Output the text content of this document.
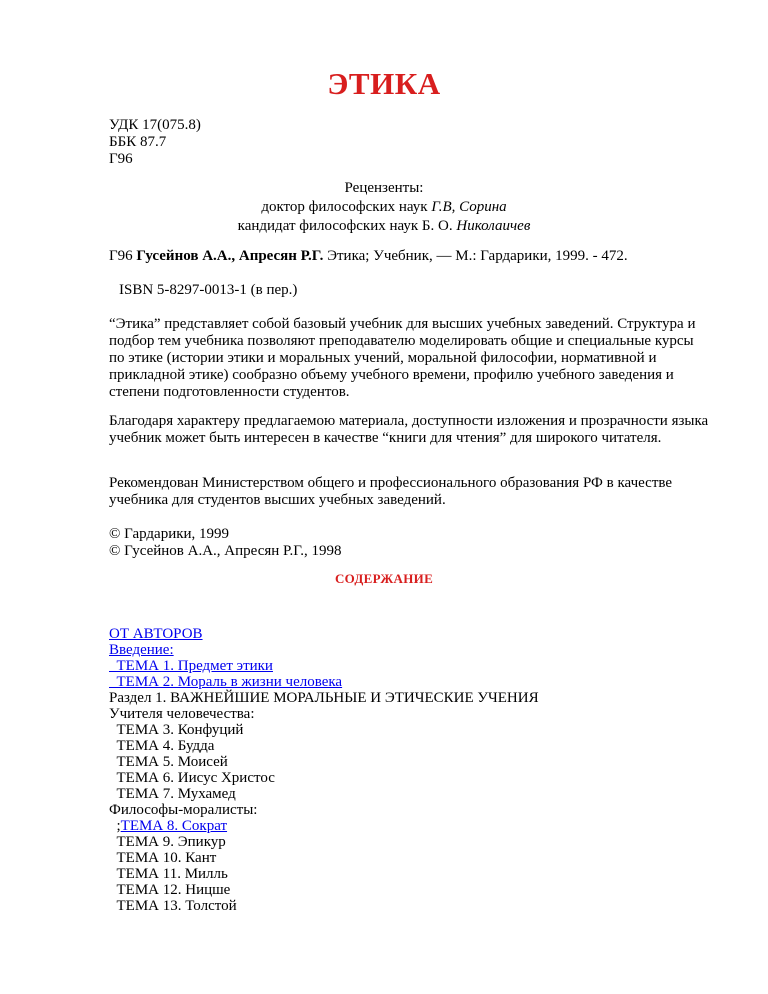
ЭТИКА
УДК 17(075.8)
ББК 87.7
Г96
Рецензенты:
доктор философских наук Г.В, Сорина
кандидат философских наук Б. О. Николаичев
Г96 Гусейнов А.А., Апресян Р.Г. Этика; Учебник, — М.: Гардарики, 1999. - 472.
ISBN 5-8297-0013-1 (в пер.)
“Этика” представляет собой базовый учебник для высших учебных заведений. Структура и подбор тем учебника позволяют преподавателю моделировать общие и специальные курсы по этике (истории этики и моральных учений, моральной философии, нормативной и прикладной этике) сообразно объему учебного времени, профилю учебного заведения и степени подготовленности студентов.
Благодаря характеру предлагаемою материала, доступности изложения и прозрачности языка учебник может быть интересен в качестве “книги для чтения” для широкого читателя.
Рекомендован Министерством общего и профессионального образования РФ в качестве учебника для студентов высших учебных заведений.
© Гардарики, 1999
© Гусейнов А.А., Апресян Р.Г., 1998
СОДЕРЖАНИЕ
ОТ АВТОРОВ
Введение:
ТЕМА 1. Предмет этики
ТЕМА 2. Мораль в жизни человека
Раздел 1. ВАЖНЕЙШИЕ МОРАЛЬНЫЕ И ЭТИЧЕСКИЕ УЧЕНИЯ
Учителя человечества:
ТЕМА 3. Конфуций
ТЕМА 4. Будда
ТЕМА 5. Моисей
ТЕМА 6. Иисус Христос
ТЕМА 7. Мухамед
Философы-моралисты:
;ТЕМА 8. Сократ
ТЕМА 9. Эпикур
ТЕМА 10. Кант
ТЕМА 11. Милль
ТЕМА 12. Ницше
ТЕМА 13. Толстой
